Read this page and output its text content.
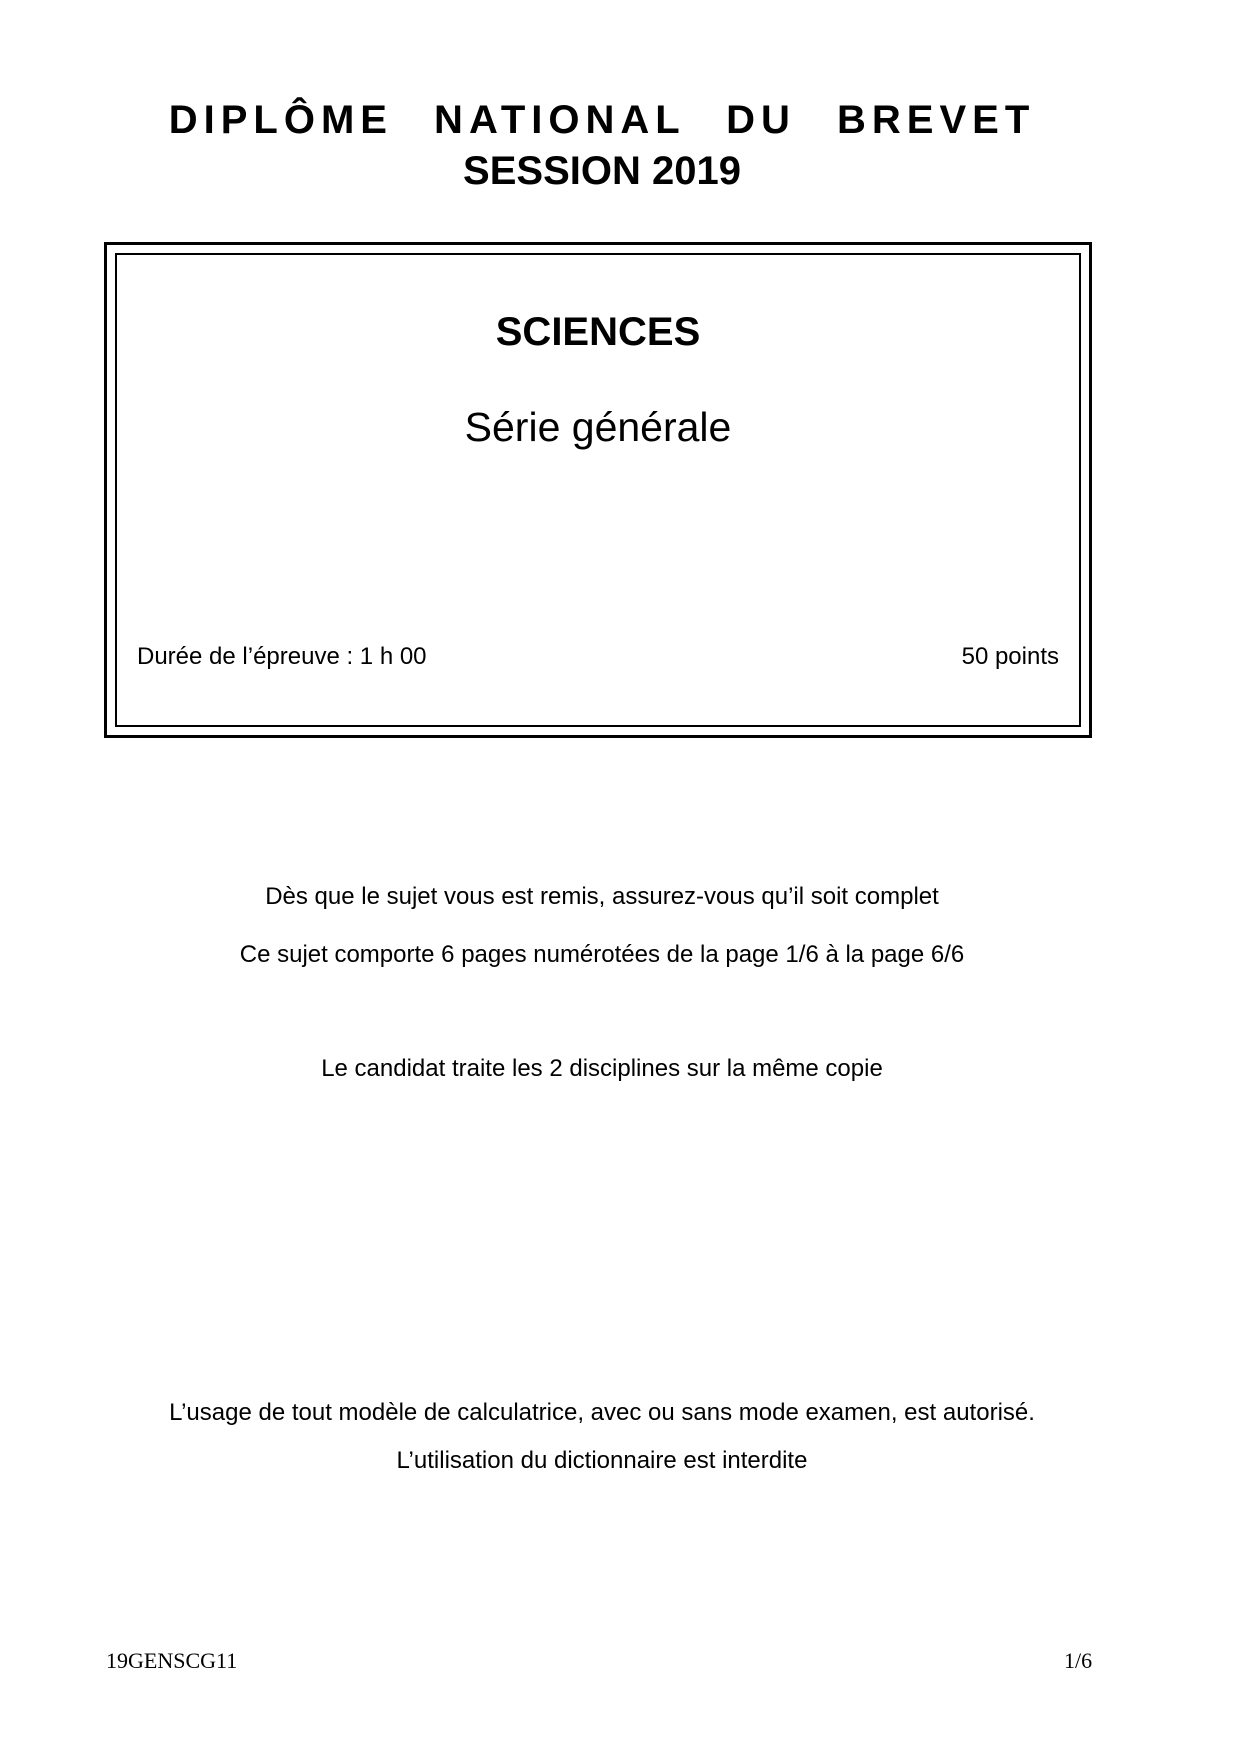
DIPLÔME NATIONAL DU BREVET
SESSION 2019
SCIENCES
Série générale
Durée de l’épreuve : 1 h 00	50 points
Dès que le sujet vous est remis, assurez-vous qu’il soit complet
Ce sujet comporte 6 pages numérotées de la page 1/6 à la page 6/6
Le candidat traite les 2 disciplines sur la même copie
L’usage de tout modèle de calculatrice, avec ou sans mode examen, est autorisé.
L’utilisation du dictionnaire est interdite
19GENSCG11	1/6
